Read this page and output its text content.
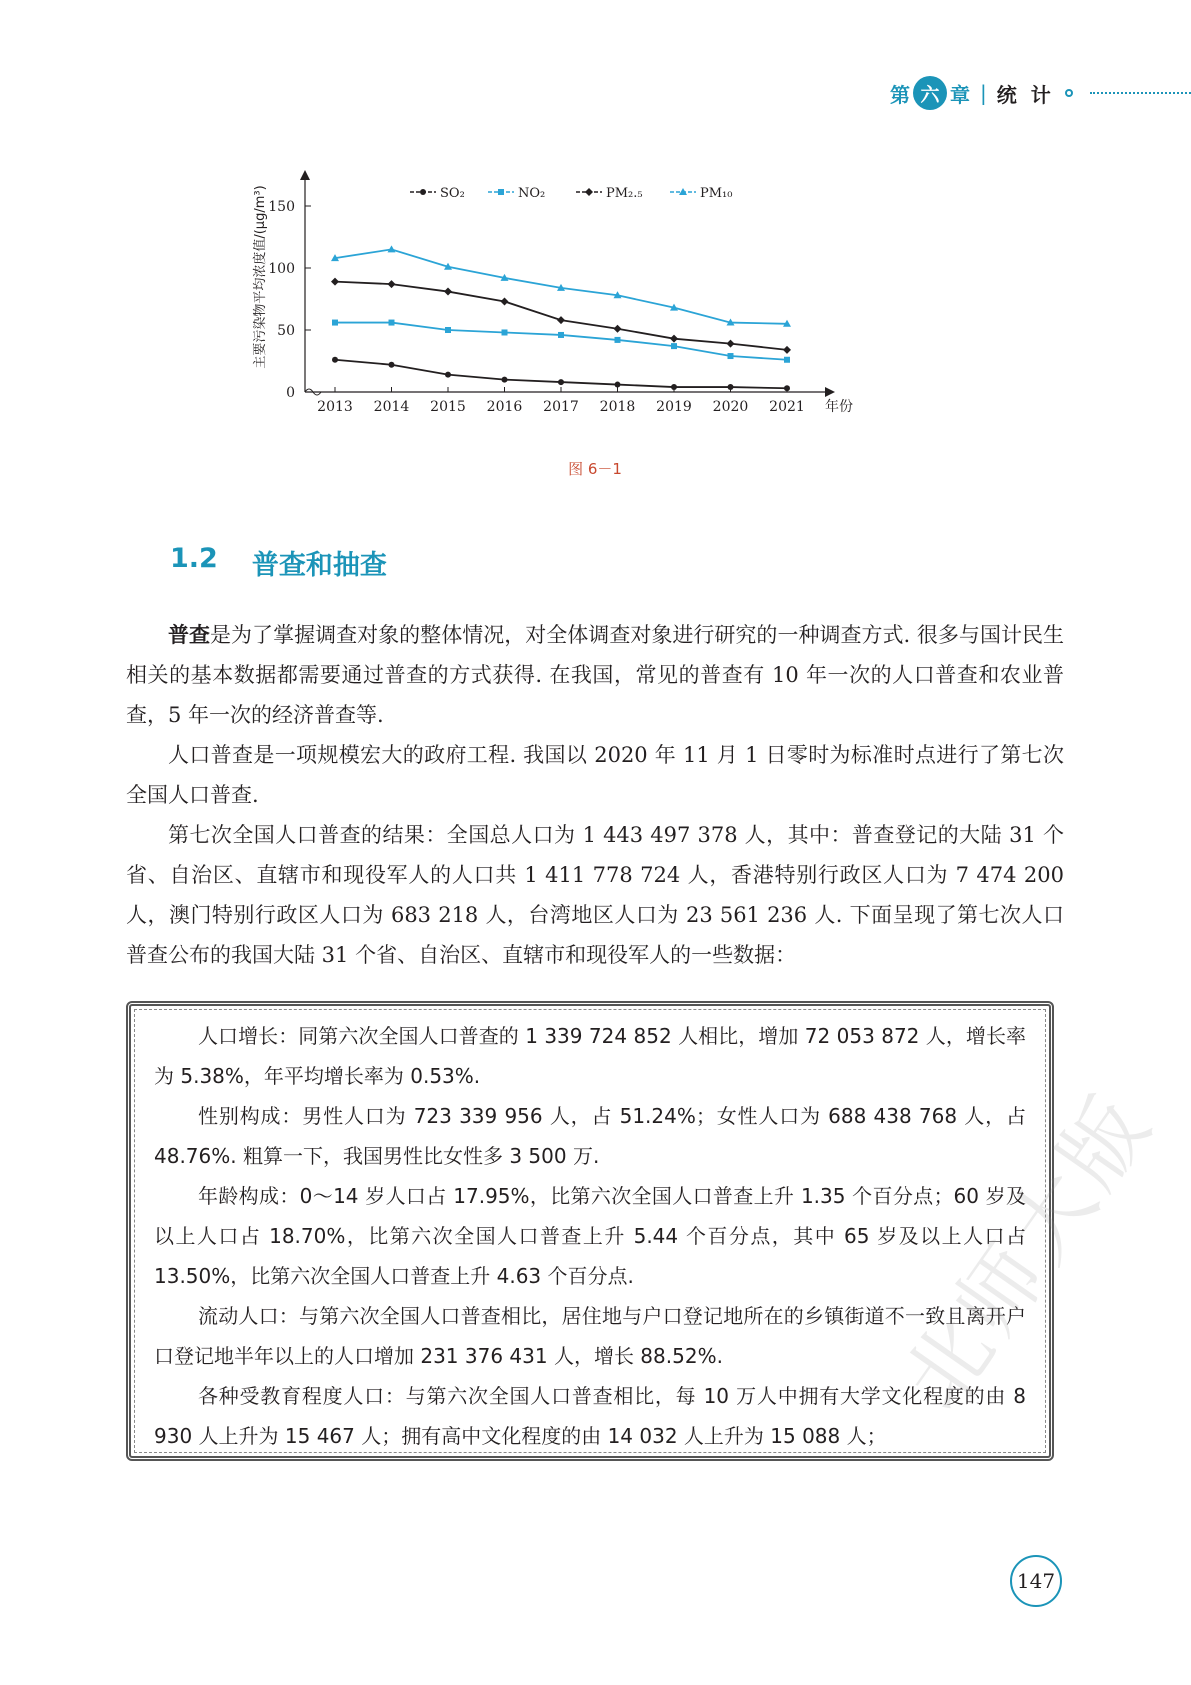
第 六 章 | 统计
0
50
100
150
2013 2014 2015 2016 2017 2018 2019 2020 2021 年份
主要污染物平均浓度值/(μg/m³)	SO₂	NO₂	PM₂.₅	PM₁₀
图 6－1
1.2 普查和抽查

普查是为了掌握调查对象的整体情况，对全体调查对象进行研究的一种调查方式. 很多与国计民生相关的基本数据都需要通过普查的方式获得. 在我国，常见的普查有 10 年一次的人口普查和农业普查，5 年一次的经济普查等.

人口普查是一项规模宏大的政府工程. 我国以 2020 年 11 月 1 日零时为标准时点进行了第七次全国人口普查.

第七次全国人口普查的结果：全国总人口为 1 443 497 378 人，其中：普查登记的大陆 31 个省、自治区、直辖市和现役军人的人口共 1 411 778 724 人，香港特别行政区人口为 7 474 200 人，澳门特别行政区人口为 683 218 人，台湾地区人口为 23 561 236 人. 下面呈现了第七次人口普查公布的我国大陆 31 个省、自治区、直辖市和现役军人的一些数据：

人口增长：同第六次全国人口普查的 1 339 724 852 人相比，增加 72 053 872 人，增长率为 5.38%，年平均增长率为 0.53%.

性别构成：男性人口为 723 339 956 人，占 51.24%；女性人口为 688 438 768 人，占 48.76%. 粗算一下，我国男性比女性多 3 500 万.

年龄构成：0～14 岁人口占 17.95%，比第六次全国人口普查上升 1.35 个百分点；60 岁及以上人口占 18.70%，比第六次全国人口普查上升 5.44 个百分点，其中 65 岁及以上人口占 13.50%，比第六次全国人口普查上升 4.63 个百分点.

流动人口：与第六次全国人口普查相比，居住地与户口登记地所在的乡镇街道不一致且离开户口登记地半年以上的人口增加 231 376 431 人，增长 88.52%.

各种受教育程度人口：与第六次全国人口普查相比，每 10 万人中拥有大学文化程度的由 8 930 人上升为 15 467 人；拥有高中文化程度的由 14 032 人上升为 15 088 人；

北师大版
147
